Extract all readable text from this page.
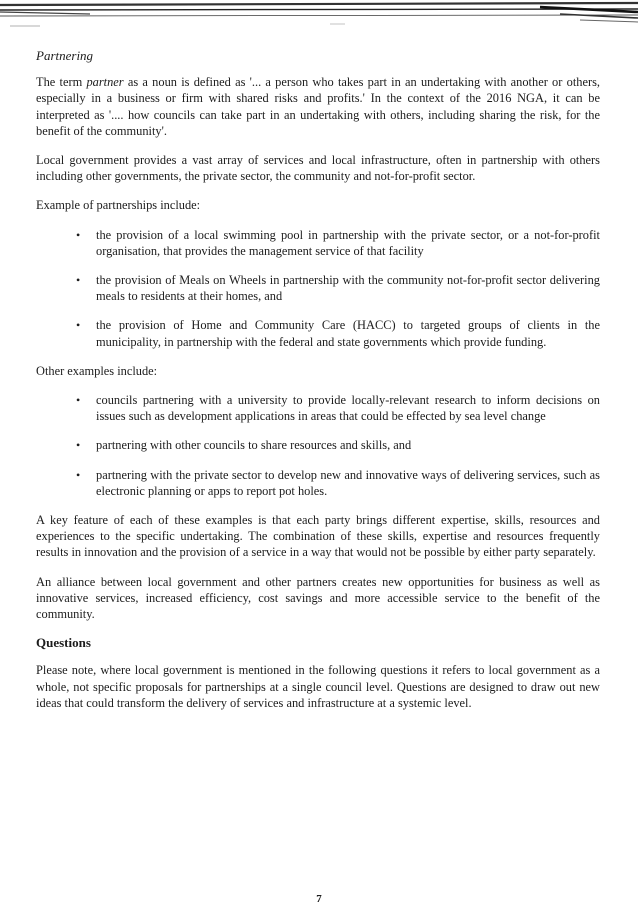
Partnering

The term partner as a noun is defined as '... a person who takes part in an undertaking with another or others, especially in a business or firm with shared risks and profits.' In the context of the 2016 NGA, it can be interpreted as '.... how councils can take part in an undertaking with others, including sharing the risk, for the benefit of the community'.

Local government provides a vast array of services and local infrastructure, often in partnership with others including other governments, the private sector, the community and not-for-profit sector.

Example of partnerships include:

• the provision of a local swimming pool in partnership with the private sector, or a not-for-profit organisation, that provides the management service of that facility
• the provision of Meals on Wheels in partnership with the community not-for-profit sector delivering meals to residents at their homes, and
• the provision of Home and Community Care (HACC) to targeted groups of clients in the municipality, in partnership with the federal and state governments which provide funding.

Other examples include:

• councils partnering with a university to provide locally-relevant research to inform decisions on issues such as development applications in areas that could be effected by sea level change
• partnering with other councils to share resources and skills, and
• partnering with the private sector to develop new and innovative ways of delivering services, such as electronic planning or apps to report pot holes.

A key feature of each of these examples is that each party brings different expertise, skills, resources and experiences to the specific undertaking. The combination of these skills, expertise and resources frequently results in innovation and the provision of a service in a way that would not be possible by either party separately.

An alliance between local government and other partners creates new opportunities for business as well as innovative services, increased efficiency, cost savings and more accessible service to the benefit of the community.

Questions

Please note, where local government is mentioned in the following questions it refers to local government as a whole, not specific proposals for partnerships at a single council level. Questions are designed to draw out new ideas that could transform the delivery of services and infrastructure at a systemic level.

7
